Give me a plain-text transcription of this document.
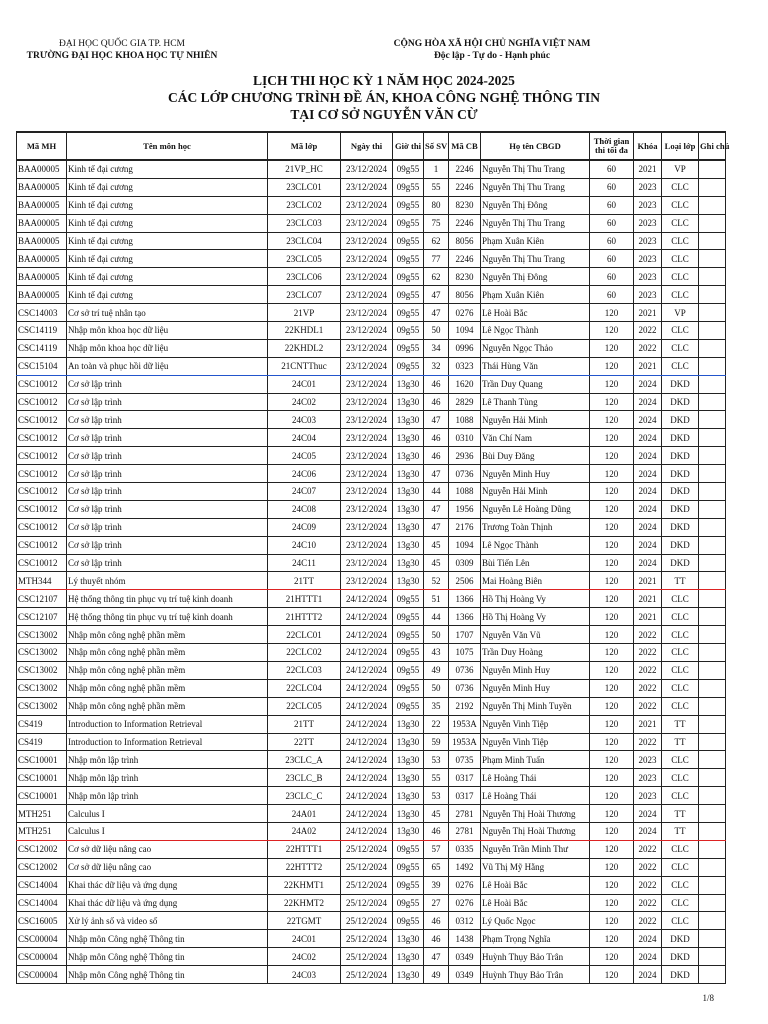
ĐẠI HỌC QUỐC GIA TP. HCM
TRƯỜNG ĐẠI HỌC KHOA HỌC TỰ NHIÊN
CỘNG HÒA XÃ HỘI CHỦ NGHĨA VIỆT NAM
Độc lập - Tự do - Hạnh phúc
LỊCH THI HỌC KỲ 1 NĂM HỌC 2024-2025
CÁC LỚP CHƯƠNG TRÌNH ĐỀ ÁN, KHOA CÔNG NGHỆ THÔNG TIN
TẠI CƠ SỞ NGUYỄN VĂN CỪ
Mã MH	Tên môn học	Mã lớp	Ngày thi	Giờ thi	Số SV	Mã CB	Họ tên CBGD	Thời gian thi tối đa	Khóa	Loại lớp	Ghi chú
BAA00005	Kinh tế đại cương	21VP_HC	23/12/2024	09g55	1	2246	Nguyễn Thị Thu Trang	60	2021	VP	
BAA00005	Kinh tế đại cương	23CLC01	23/12/2024	09g55	55	2246	Nguyễn Thị Thu Trang	60	2023	CLC	
BAA00005	Kinh tế đại cương	23CLC02	23/12/2024	09g55	80	8230	Nguyễn Thị Đông	60	2023	CLC	
BAA00005	Kinh tế đại cương	23CLC03	23/12/2024	09g55	75	2246	Nguyễn Thị Thu Trang	60	2023	CLC	
BAA00005	Kinh tế đại cương	23CLC04	23/12/2024	09g55	62	8056	Phạm Xuân Kiên	60	2023	CLC	
BAA00005	Kinh tế đại cương	23CLC05	23/12/2024	09g55	77	2246	Nguyễn Thị Thu Trang	60	2023	CLC	
BAA00005	Kinh tế đại cương	23CLC06	23/12/2024	09g55	62	8230	Nguyễn Thị Đông	60	2023	CLC	
BAA00005	Kinh tế đại cương	23CLC07	23/12/2024	09g55	47	8056	Phạm Xuân Kiên	60	2023	CLC	
CSC14003	Cơ sở trí tuệ nhân tạo	21VP	23/12/2024	09g55	47	0276	Lê Hoài Bắc	120	2021	VP	
CSC14119	Nhập môn khoa học dữ liệu	22KHDL1	23/12/2024	09g55	50	1094	Lê Ngọc Thành	120	2022	CLC	
CSC14119	Nhập môn khoa học dữ liệu	22KHDL2	23/12/2024	09g55	34	0996	Nguyễn Ngọc Thảo	120	2022	CLC	
CSC15104	An toàn và phục hồi dữ liệu	21CNTThuc	23/12/2024	09g55	32	0323	Thái Hùng Văn	120	2021	CLC	
CSC10012	Cơ sở lập trình	24C01	23/12/2024	13g30	46	1620	Trần Duy Quang	120	2024	DKD	
CSC10012	Cơ sở lập trình	24C02	23/12/2024	13g30	46	2829	Lê Thanh Tùng	120	2024	DKD	
CSC10012	Cơ sở lập trình	24C03	23/12/2024	13g30	47	1088	Nguyễn Hải Minh	120	2024	DKD	
CSC10012	Cơ sở lập trình	24C04	23/12/2024	13g30	46	0310	Văn Chí Nam	120	2024	DKD	
CSC10012	Cơ sở lập trình	24C05	23/12/2024	13g30	46	2936	Bùi Duy Đăng	120	2024	DKD	
CSC10012	Cơ sở lập trình	24C06	23/12/2024	13g30	47	0736	Nguyễn Minh Huy	120	2024	DKD	
CSC10012	Cơ sở lập trình	24C07	23/12/2024	13g30	44	1088	Nguyễn Hải Minh	120	2024	DKD	
CSC10012	Cơ sở lập trình	24C08	23/12/2024	13g30	47	1956	Nguyễn Lê Hoàng Dũng	120	2024	DKD	
CSC10012	Cơ sở lập trình	24C09	23/12/2024	13g30	47	2176	Trương Toàn Thịnh	120	2024	DKD	
CSC10012	Cơ sở lập trình	24C10	23/12/2024	13g30	45	1094	Lê Ngọc Thành	120	2024	DKD	
CSC10012	Cơ sở lập trình	24C11	23/12/2024	13g30	45	0309	Bùi Tiến Lên	120	2024	DKD	
MTH344	Lý thuyết nhóm	21TT	23/12/2024	13g30	52	2506	Mai Hoàng Biên	120	2021	TT	
CSC12107	Hệ thống thông tin phục vụ trí tuệ kinh doanh	21HTTT1	24/12/2024	09g55	51	1366	Hồ Thị Hoàng Vy	120	2021	CLC	
CSC12107	Hệ thống thông tin phục vụ trí tuệ kinh doanh	21HTTT2	24/12/2024	09g55	44	1366	Hồ Thị Hoàng Vy	120	2021	CLC	
CSC13002	Nhập môn công nghệ phần mềm	22CLC01	24/12/2024	09g55	50	1707	Nguyễn Văn Vũ	120	2022	CLC	
CSC13002	Nhập môn công nghệ phần mềm	22CLC02	24/12/2024	09g55	43	1075	Trần Duy Hoàng	120	2022	CLC	
CSC13002	Nhập môn công nghệ phần mềm	22CLC03	24/12/2024	09g55	49	0736	Nguyễn Minh Huy	120	2022	CLC	
CSC13002	Nhập môn công nghệ phần mềm	22CLC04	24/12/2024	09g55	50	0736	Nguyễn Minh Huy	120	2022	CLC	
CSC13002	Nhập môn công nghệ phần mềm	22CLC05	24/12/2024	09g55	35	2192	Nguyễn Thị Minh Tuyền	120	2022	CLC	
CS419	Introduction to Information Retrieval	21TT	24/12/2024	13g30	22	1953A	Nguyễn Vinh Tiệp	120	2021	TT	
CS419	Introduction to Information Retrieval	22TT	24/12/2024	13g30	59	1953A	Nguyễn Vinh Tiệp	120	2022	TT	
CSC10001	Nhập môn lập trình	23CLC_A	24/12/2024	13g30	53	0735	Phạm Minh Tuấn	120	2023	CLC	
CSC10001	Nhập môn lập trình	23CLC_B	24/12/2024	13g30	55	0317	Lê Hoàng Thái	120	2023	CLC	
CSC10001	Nhập môn lập trình	23CLC_C	24/12/2024	13g30	53	0317	Lê Hoàng Thái	120	2023	CLC	
MTH251	Calculus I	24A01	24/12/2024	13g30	45	2781	Nguyễn Thị Hoài Thương	120	2024	TT	
MTH251	Calculus I	24A02	24/12/2024	13g30	46	2781	Nguyễn Thị Hoài Thương	120	2024	TT	
CSC12002	Cơ sở dữ liệu nâng cao	22HTTT1	25/12/2024	09g55	57	0335	Nguyễn Trần Minh Thư	120	2022	CLC	
CSC12002	Cơ sở dữ liệu nâng cao	22HTTT2	25/12/2024	09g55	65	1492	Vũ Thị Mỹ Hằng	120	2022	CLC	
CSC14004	Khai thác dữ liệu và ứng dụng	22KHMT1	25/12/2024	09g55	39	0276	Lê Hoài Bắc	120	2022	CLC	
CSC14004	Khai thác dữ liệu và ứng dụng	22KHMT2	25/12/2024	09g55	27	0276	Lê Hoài Bắc	120	2022	CLC	
CSC16005	Xử lý ảnh số và video số	22TGMT	25/12/2024	09g55	46	0312	Lý Quốc Ngọc	120	2022	CLC	
CSC00004	Nhập môn Công nghệ Thông tin	24C01	25/12/2024	13g30	46	1438	Phạm Trọng Nghĩa	120	2024	DKD	
CSC00004	Nhập môn Công nghệ Thông tin	24C02	25/12/2024	13g30	47	0349	Huỳnh Thụy Bảo Trân	120	2024	DKD	
CSC00004	Nhập môn Công nghệ Thông tin	24C03	25/12/2024	13g30	49	0349	Huỳnh Thụy Bảo Trân	120	2024	DKD	
1/8
